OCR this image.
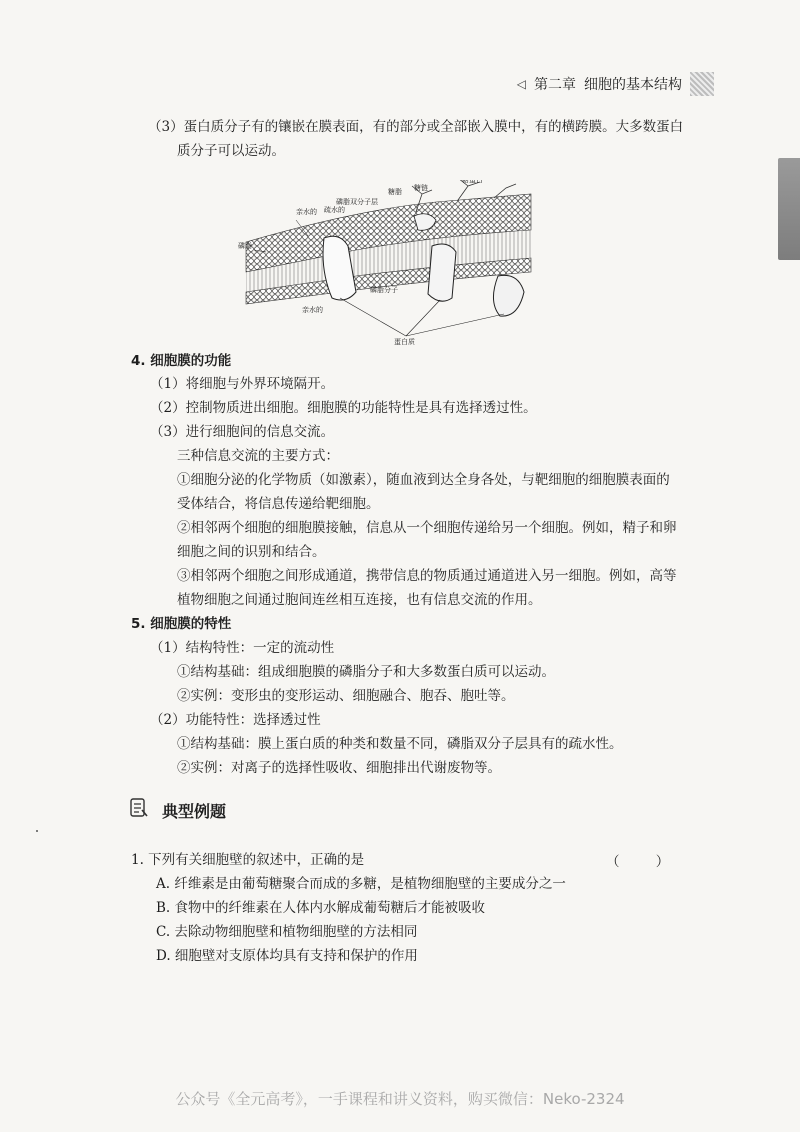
◁ 第二章 细胞的基本结构
（3）蛋白质分子有的镶嵌在膜表面，有的部分或全部嵌入膜中，有的横跨膜。大多数蛋白
质分子可以运动。
糖链
糖脂
糖蛋白
磷脂
亲水的 疏水的
磷脂双分子层
磷脂分子
亲水的
蛋白质
4. 细胞膜的功能
（1）将细胞与外界环境隔开。
（2）控制物质进出细胞。细胞膜的功能特性是具有选择透过性。
（3）进行细胞间的信息交流。
三种信息交流的主要方式：
①细胞分泌的化学物质（如激素），随血液到达全身各处，与靶细胞的细胞膜表面的
受体结合，将信息传递给靶细胞。
②相邻两个细胞的细胞膜接触，信息从一个细胞传递给另一个细胞。例如，精子和卵
细胞之间的识别和结合。
③相邻两个细胞之间形成通道，携带信息的物质通过通道进入另一细胞。例如，高等
植物细胞之间通过胞间连丝相互连接，也有信息交流的作用。
5. 细胞膜的特性
（1）结构特性：一定的流动性
①结构基础：组成细胞膜的磷脂分子和大多数蛋白质可以运动。
②实例：变形虫的变形运动、细胞融合、胞吞、胞吐等。
（2）功能特性：选择透过性
①结构基础：膜上蛋白质的种类和数量不同，磷脂双分子层具有的疏水性。
②实例：对离子的选择性吸收、细胞排出代谢废物等。
典型例题
1. 下列有关细胞壁的叙述中，正确的是	（ ）
A. 纤维素是由葡萄糖聚合而成的多糖，是植物细胞壁的主要成分之一
B. 食物中的纤维素在人体内水解成葡萄糖后才能被吸收
C. 去除动物细胞壁和植物细胞壁的方法相同
D. 细胞壁对支原体均具有支持和保护的作用
公众号《全元高考》，一手课程和讲义资料，购买微信：Neko-2324
